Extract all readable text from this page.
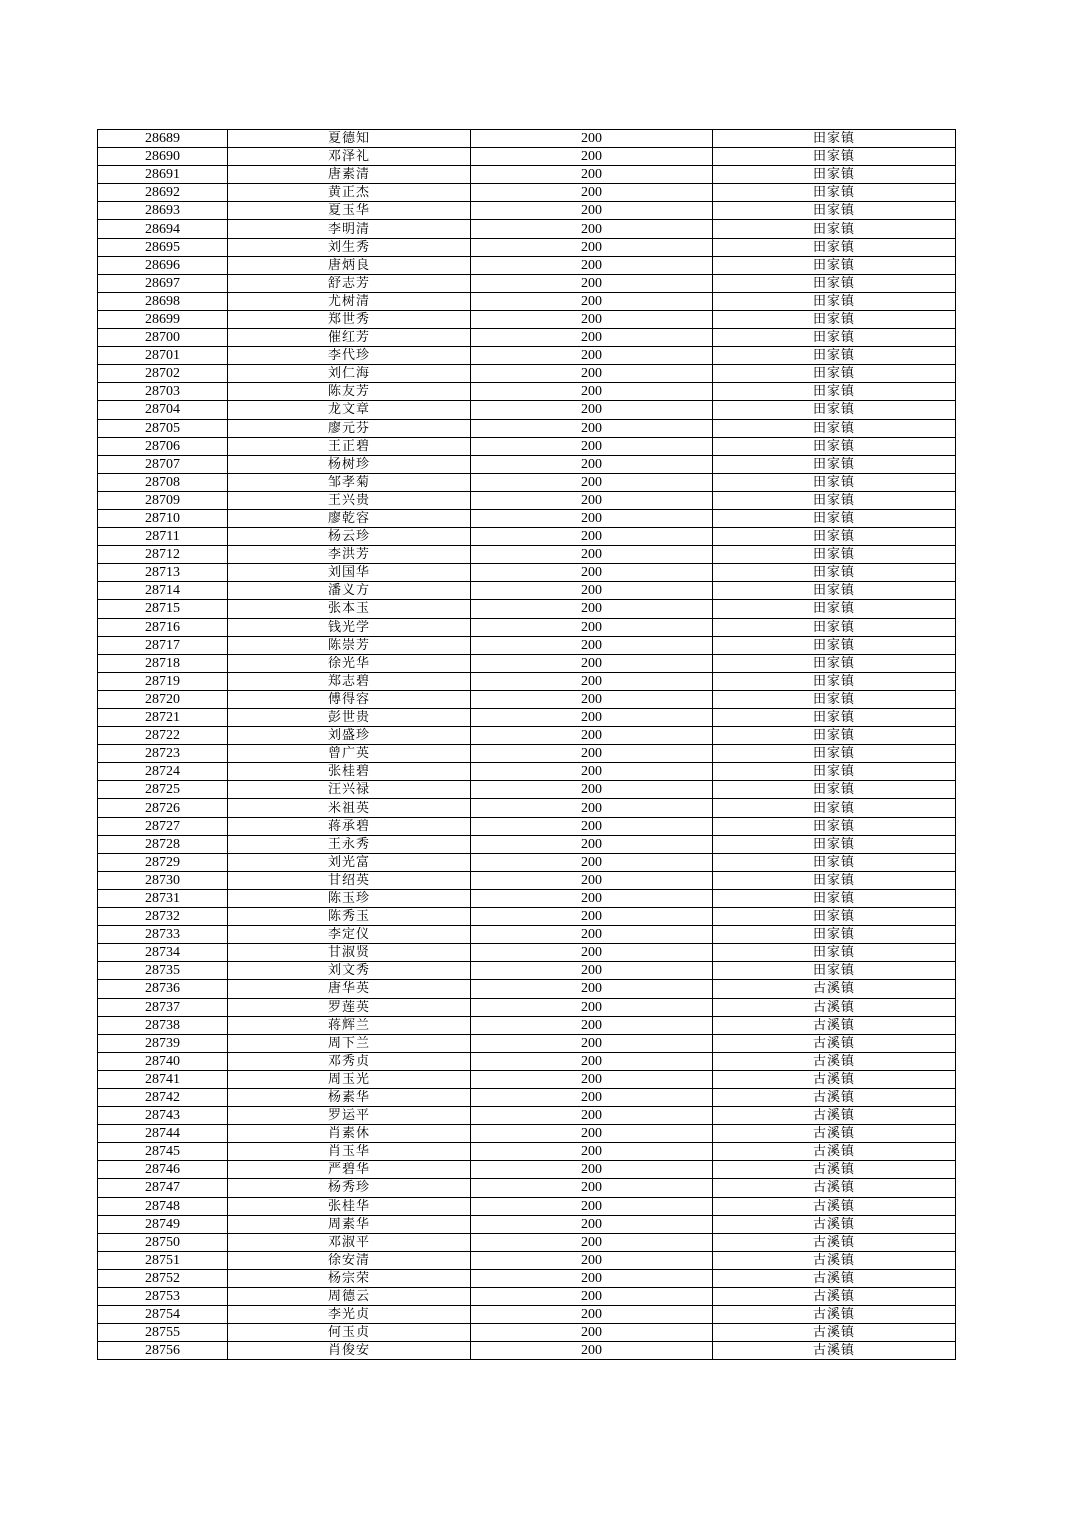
28689	夏德知	200	田家镇
28690	邓泽礼	200	田家镇
28691	唐素清	200	田家镇
28692	黄正杰	200	田家镇
28693	夏玉华	200	田家镇
28694	李明清	200	田家镇
28695	刘生秀	200	田家镇
28696	唐炳良	200	田家镇
28697	舒志芳	200	田家镇
28698	尤树清	200	田家镇
28699	郑世秀	200	田家镇
28700	催红芳	200	田家镇
28701	李代珍	200	田家镇
28702	刘仁海	200	田家镇
28703	陈友芳	200	田家镇
28704	龙文章	200	田家镇
28705	廖元芬	200	田家镇
28706	王正碧	200	田家镇
28707	杨树珍	200	田家镇
28708	邹孝菊	200	田家镇
28709	王兴贵	200	田家镇
28710	廖乾容	200	田家镇
28711	杨云珍	200	田家镇
28712	李洪芳	200	田家镇
28713	刘国华	200	田家镇
28714	潘义方	200	田家镇
28715	张本玉	200	田家镇
28716	钱光学	200	田家镇
28717	陈崇芳	200	田家镇
28718	徐光华	200	田家镇
28719	郑志碧	200	田家镇
28720	傅得容	200	田家镇
28721	彭世贵	200	田家镇
28722	刘盛珍	200	田家镇
28723	曾广英	200	田家镇
28724	张桂碧	200	田家镇
28725	汪兴禄	200	田家镇
28726	米祖英	200	田家镇
28727	蒋承碧	200	田家镇
28728	王永秀	200	田家镇
28729	刘光富	200	田家镇
28730	甘绍英	200	田家镇
28731	陈玉珍	200	田家镇
28732	陈秀玉	200	田家镇
28733	李定仪	200	田家镇
28734	甘淑贤	200	田家镇
28735	刘文秀	200	田家镇
28736	唐华英	200	古溪镇
28737	罗莲英	200	古溪镇
28738	蒋辉兰	200	古溪镇
28739	周下兰	200	古溪镇
28740	邓秀贞	200	古溪镇
28741	周玉光	200	古溪镇
28742	杨素华	200	古溪镇
28743	罗运平	200	古溪镇
28744	肖素休	200	古溪镇
28745	肖玉华	200	古溪镇
28746	严碧华	200	古溪镇
28747	杨秀珍	200	古溪镇
28748	张桂华	200	古溪镇
28749	周素华	200	古溪镇
28750	邓淑平	200	古溪镇
28751	徐安清	200	古溪镇
28752	杨宗荣	200	古溪镇
28753	周德云	200	古溪镇
28754	李光贞	200	古溪镇
28755	何玉贞	200	古溪镇
28756	肖俊安	200	古溪镇
